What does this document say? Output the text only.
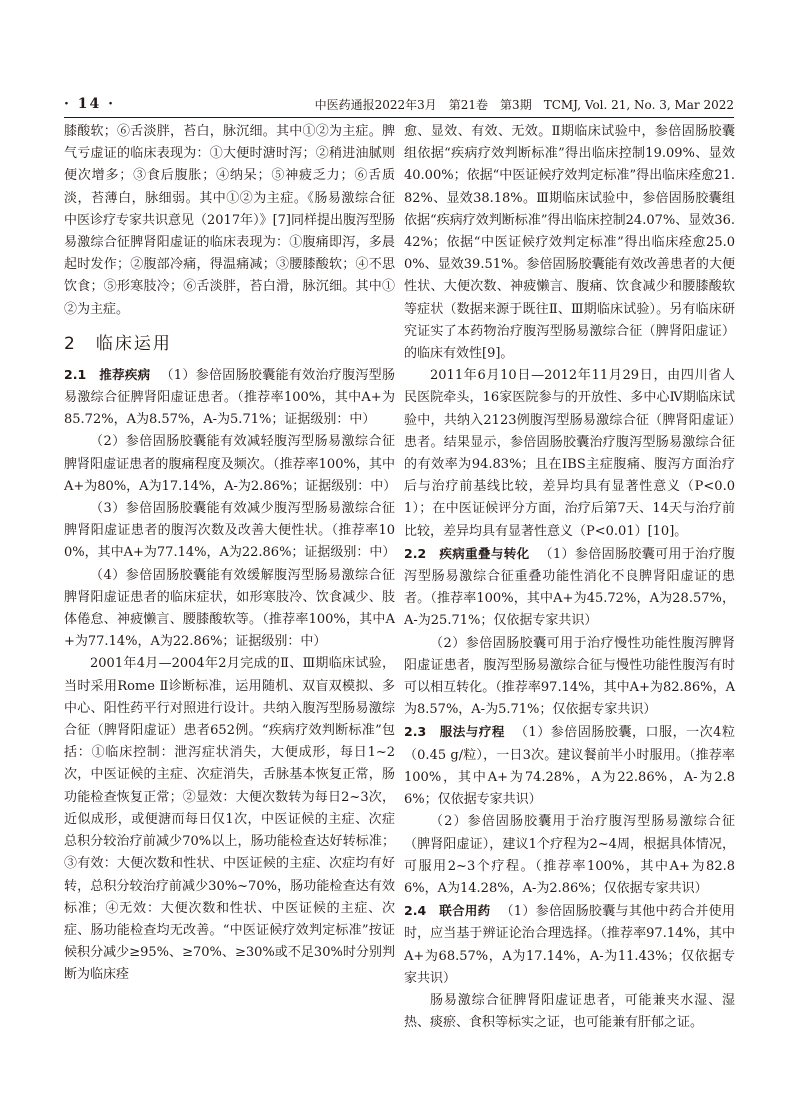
· 14 ·	中医药通报2022年3月　第21卷　第3期　TCMJ, Vol. 21, No. 3, Mar 2022

膝酸软；⑥舌淡胖，苔白，脉沉细。其中①②为主症。脾气亏虚证的临床表现为：①大便时溏时泻；②稍进油腻则便次增多；③食后腹胀；④纳呆；⑤神疲乏力；⑥舌质淡，苔薄白，脉细弱。其中①②为主症。《肠易激综合征中医诊疗专家共识意见（2017年）》[7]同样提出腹泻型肠易激综合征脾肾阳虚证的临床表现为：①腹痛即泻，多晨起时发作；②腹部冷痛，得温痛减；③腰膝酸软；④不思饮食；⑤形寒肢冷；⑥舌淡胖，苔白滑，脉沉细。其中①②为主症。

2　临床运用

2.1　推荐疾病 （1）参倍固肠胶囊能有效治疗腹泻型肠易激综合征脾肾阳虚证患者。（推荐率100%，其中A+为85.72%，A为8.57%，A-为5.71%；证据级别：中）

（2）参倍固肠胶囊能有效减轻腹泻型肠易激综合征脾肾阳虚证患者的腹痛程度及频次。（推荐率100%，其中A+为80%，A为17.14%，A-为2.86%；证据级别：中）

（3）参倍固肠胶囊能有效减少腹泻型肠易激综合征脾肾阳虚证患者的腹泻次数及改善大便性状。（推荐率100%，其中A+为77.14%，A为22.86%；证据级别：中）

（4）参倍固肠胶囊能有效缓解腹泻型肠易激综合征脾肾阳虚证患者的临床症状，如形寒肢冷、饮食减少、肢体倦怠、神疲懒言、腰膝酸软等。（推荐率100%，其中A+为77.14%，A为22.86%；证据级别：中）

2001年4月—2004年2月完成的Ⅱ、Ⅲ期临床试验，当时采用Rome Ⅱ诊断标准，运用随机、双盲双模拟、多中心、阳性药平行对照进行设计。共纳入腹泻型肠易激综合征（脾肾阳虚证）患者652例。“疾病疗效判断标准”包括：①临床控制：泄泻症状消失，大便成形，每日1~2次，中医证候的主症、次症消失，舌脉基本恢复正常，肠功能检查恢复正常；②显效：大便次数转为每日2~3次，近似成形，或便溏而每日仅1次，中医证候的主症、次症总积分较治疗前减少70%以上，肠功能检查达好转标准；③有效：大便次数和性状、中医证候的主症、次症均有好转，总积分较治疗前减少30%~70%，肠功能检查达有效标准；④无效：大便次数和性状、中医证候的主症、次症、肠功能检查均无改善。“中医证候疗效判定标准”按证候积分减少≥95%、≥70%、≥30%或不足30%时分别判断为临床痊

愈、显效、有效、无效。Ⅱ期临床试验中，参倍固肠胶囊组依据“疾病疗效判断标准”得出临床控制19.09%、显效40.00%；依据“中医证候疗效判定标准”得出临床痊愈21.82%、显效38.18%。Ⅲ期临床试验中，参倍固肠胶囊组依据“疾病疗效判断标准”得出临床控制24.07%、显效36.42%；依据“中医证候疗效判定标准”得出临床痊愈25.00%、显效39.51%。参倍固肠胶囊能有效改善患者的大便性状、大便次数、神疲懒言、腹痛、饮食减少和腰膝酸软等症状（数据来源于既往Ⅱ、Ⅲ期临床试验）。另有临床研究证实了本药物治疗腹泻型肠易激综合征（脾肾阳虚证）的临床有效性[9]。

2011年6月10日—2012年11月29日，由四川省人民医院牵头，16家医院参与的开放性、多中心Ⅳ期临床试验中，共纳入2123例腹泻型肠易激综合征（脾肾阳虚证）患者。结果显示，参倍固肠胶囊治疗腹泻型肠易激综合征的有效率为94.83%；且在IBS主症腹痛、腹泻方面治疗后与治疗前基线比较，差异均具有显著性意义（P<0.01）；在中医证候评分方面，治疗后第7天、14天与治疗前比较，差异均具有显著性意义（P<0.01）[10]。

2.2　疾病重叠与转化 （1）参倍固肠胶囊可用于治疗腹泻型肠易激综合征重叠功能性消化不良脾肾阳虚证的患者。（推荐率100%，其中A+为45.72%，A为28.57%，A-为25.71%；仅依据专家共识）

（2）参倍固肠胶囊可用于治疗慢性功能性腹泻脾肾阳虚证患者，腹泻型肠易激综合征与慢性功能性腹泻有时可以相互转化。（推荐率97.14%，其中A+为82.86%，A为8.57%，A-为5.71%；仅依据专家共识）

2.3　服法与疗程 （1）参倍固肠胶囊，口服，一次4粒（0.45 g/粒），一日3次。建议餐前半小时服用。（推荐率100%，其中A+为74.28%，A为22.86%，A-为2.86%；仅依据专家共识）

（2）参倍固肠胶囊用于治疗腹泻型肠易激综合征（脾肾阳虚证），建议1个疗程为2~4周，根据具体情况，可服用2~3个疗程。（推荐率100%，其中A+为82.86%，A为14.28%，A-为2.86%；仅依据专家共识）

2.4　联合用药 （1）参倍固肠胶囊与其他中药合并使用时，应当基于辨证论治合理选择。（推荐率97.14%，其中A+为68.57%，A为17.14%，A-为11.43%；仅依据专家共识）

肠易激综合征脾肾阳虚证患者，可能兼夹水湿、湿热、痰瘀、食积等标实之证，也可能兼有肝郁之证。
